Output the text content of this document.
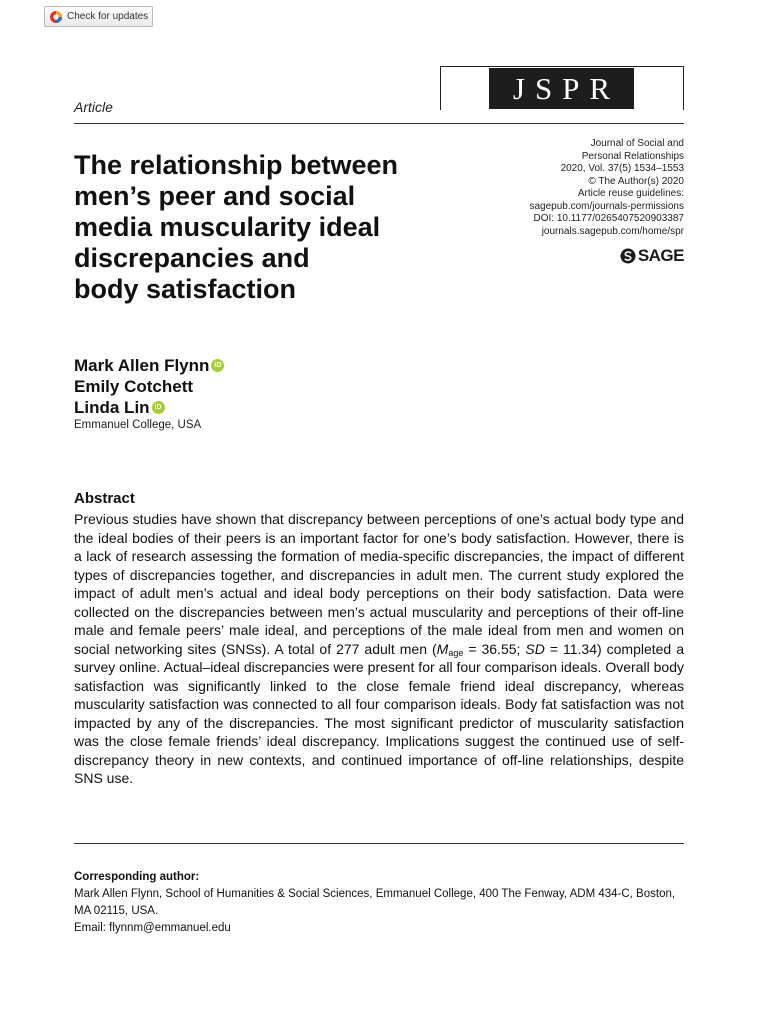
Check for updates
JSPR
Article
The relationship between
men’s peer and social
media muscularity ideal
discrepancies and
body satisfaction
Journal of Social and
Personal Relationships
2020, Vol. 37(5) 1534–1553
© The Author(s) 2020
Article reuse guidelines:
sagepub.com/journals-permissions
DOI: 10.1177/0265407520903387
journals.sagepub.com/home/spr
SAGE
Mark Allen Flynn iD
Emily Cotchett
Linda Lin iD
Emmanuel College, USA
Abstract

Previous studies have shown that discrepancy between perceptions of one’s actual body type and the ideal bodies of their peers is an important factor for one’s body satisfaction. However, there is a lack of research assessing the formation of media-specific discrepancies, the impact of different types of discrepancies together, and discrepancies in adult men. The current study explored the impact of adult men’s actual and ideal body perceptions on their body satisfaction. Data were collected on the discrepancies between men’s actual muscularity and perceptions of their off-line male and female peers’ male ideal, and perceptions of the male ideal from men and women on social networking sites (SNSs). A total of 277 adult men ($M_{age} = 36.55$; SD = 11.34) completed a survey online. Actual–ideal discrepancies were present for all four comparison ideals. Overall body satisfaction was significantly linked to the close female friend ideal discrepancy, whereas muscularity satisfaction was connected to all four comparison ideals. Body fat satisfaction was not impacted by any of the discrepancies. The most significant predictor of muscularity satisfaction was the close female friends’ ideal discrepancy. Implications suggest the continued use of self-discrepancy theory in new contexts, and continued importance of off-line relationships, despite SNS use.

Corresponding author:
Mark Allen Flynn, School of Humanities & Social Sciences, Emmanuel College, 400 The Fenway, ADM 434-C, Boston, MA 02115, USA.
Email: flynnm@emmanuel.edu
